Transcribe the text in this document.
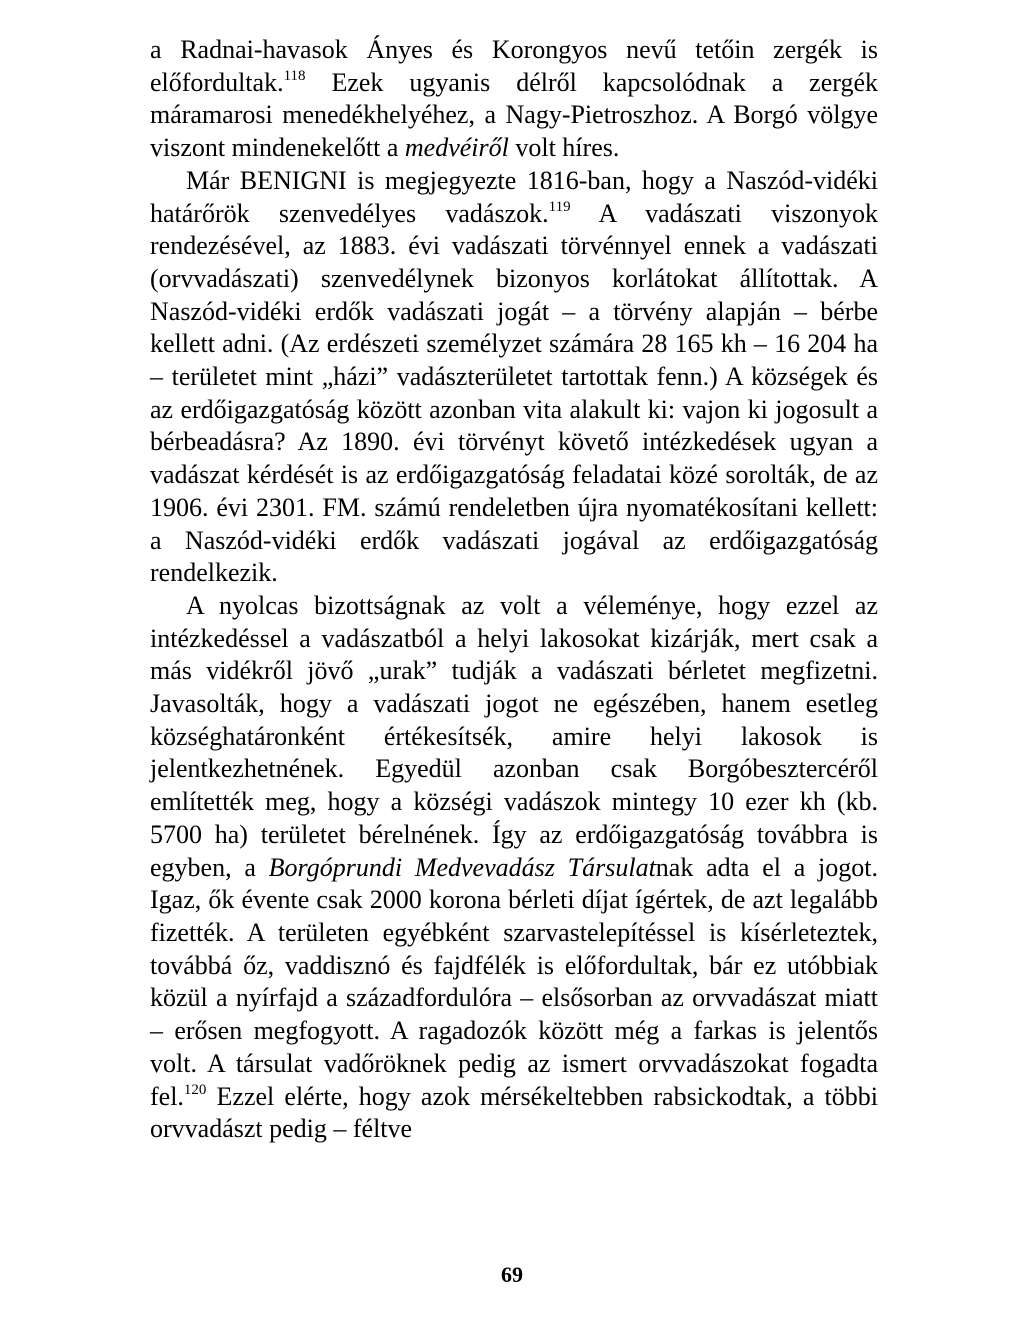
a Radnai-havasok Ányes és Korongyos nevű tetőin zergék is előfordultak.$^{118}$ Ezek ugyanis délről kapcsolódnak a zergék máramarosi menedékhelyéhez, a Nagy-Pietroszhoz. A Borgó völgye viszont mindenekelőtt a medvéiről volt híres.

Már BENIGNI is megjegyezte 1816-ban, hogy a Naszód-vidéki határőrök szenvedélyes vadászok.$^{119}$ A vadászati viszonyok rendezésével, az 1883. évi vadászati törvénnyel ennek a vadászati (orvvadászati) szenvedélynek bizonyos korlátokat állítottak. A Naszód-vidéki erdők vadászati jogát – a törvény alapján – bérbe kellett adni. (Az erdészeti személyzet számára 28 165 kh – 16 204 ha – területet mint „házi” vadászterületet tartottak fenn.) A községek és az erdőigazgatóság között azonban vita alakult ki: vajon ki jogosult a bérbeadásra? Az 1890. évi törvényt követő intézkedések ugyan a vadászat kérdését is az erdőigazgatóság feladatai közé sorolták, de az 1906. évi 2301. FM. számú rendeletben újra nyomatékosítani kellett: a Naszód-vidéki erdők vadászati jogával az erdőigazgatóság rendelkezik.

A nyolcas bizottságnak az volt a véleménye, hogy ezzel az intézkedéssel a vadászatból a helyi lakosokat kizárják, mert csak a más vidékről jövő „urak” tudják a vadászati bérletet megfizetni. Javasolták, hogy a vadászati jogot ne egészében, hanem esetleg községhatáronként értékesítsék, amire helyi lakosok is jelentkezhetnének. Egyedül azonban csak Borgóbesztercéről említették meg, hogy a községi vadászok mintegy 10 ezer kh (kb. 5700 ha) területet bérelnének. Így az erdőigazgatóság továbbra is egyben, a Borgóprundi Medvevadász Társulatnak adta el a jogot. Igaz, ők évente csak 2000 korona bérleti díjat ígértek, de azt legalább fizették. A területen egyébként szarvastelepítéssel is kísérleteztek, továbbá őz, vaddisznó és fajdfélék is előfordultak, bár ez utóbbiak közül a nyírfajd a századfordulóra – elsősorban az orvvadászat miatt – erősen megfogyott. A ragadozók között még a farkas is jelentős volt. A társulat vadőröknek pedig az ismert orvvadászokat fogadta fel.$^{120}$ Ezzel elérte, hogy azok mérsékeltebben rabsickodtak, a többi orvvadászt pedig – féltve

69
